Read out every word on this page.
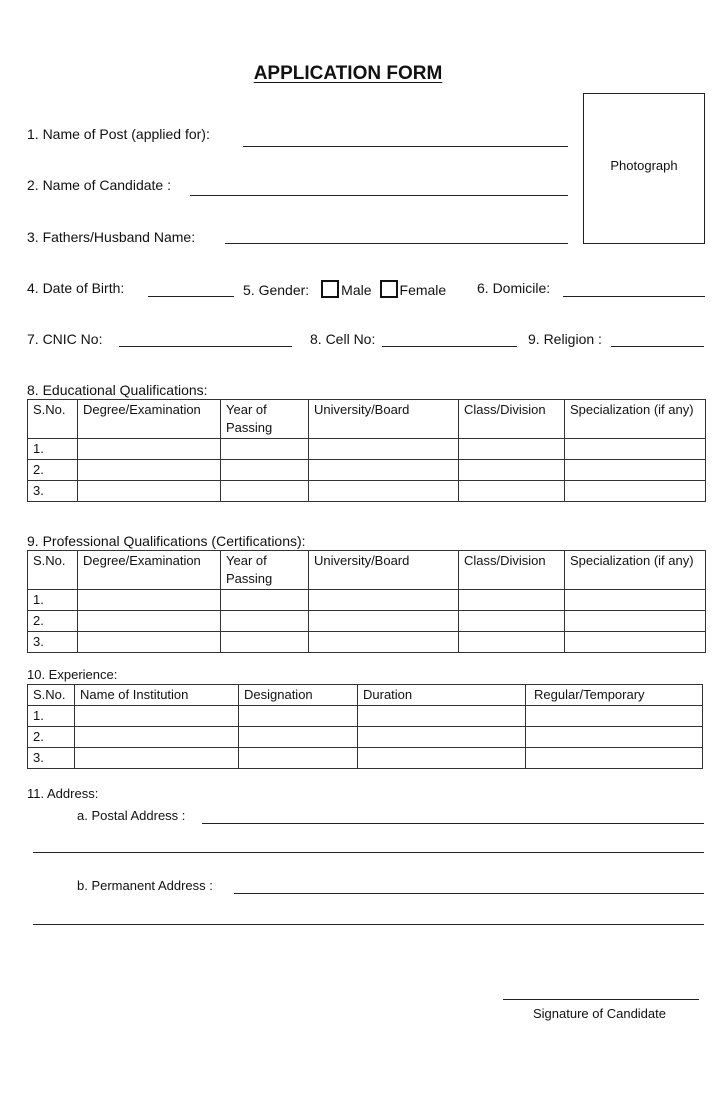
APPLICATION FORM
Photograph
1. Name of Post (applied for):
2. Name of Candidate :
3. Fathers/Husband Name:
4. Date of Birth:	5. Gender: Male Female 6. Domicile:
7. CNIC No:	8. Cell No:	9. Religion :
8. Educational Qualifications:
S.No.	Degree/Examination	Year of Passing	University/Board	Class/Division	Specialization (if any)
1.					
2.					
3.					
9. Professional Qualifications (Certifications):
S.No.	Degree/Examination	Year of Passing	University/Board	Class/Division	Specialization (if any)
1.					
2.					
3.					
10. Experience:
S.No.	Name of Institution	Designation	Duration	Regular/Temporary
1.				
2.				
3.				
11. Address:
a. Postal Address :
b. Permanent Address :
Signature of Candidate
